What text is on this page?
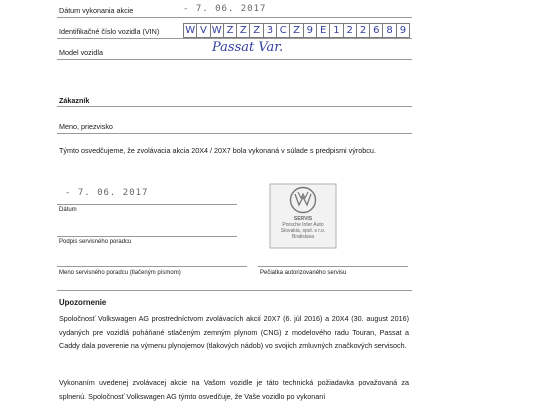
Dátum vykonania akcie	- 7. 06. 2017
Identifikačné číslo vozidla (VIN)	W V W Z Z Z 3 C Z 9 E 1 2 2 6 8 9
Model vozidla	Passat Var.
Zákazník
Meno, priezvisko
Týmto osvedčujeme, že zvolávacia akcia 20X4 / 20X7 bola vykonaná v súlade s predpismi výrobcu.
- 7. 06. 2017
Dátum
Podpis servisného poradcu
Meno servisného poradcu (tlačeným písmom)	Pečiatka autorizovaného servisu
SERVIS
Porsche Inter Auto
Slovakia, spol. s r.o.
Bratislava
Upozornenie
Spoločnosť Volkswagen AG prostredníctvom zvolávacích akcií 20X7 (6. júl 2016) a 20X4 (30. august 2016) vydaných pre vozidlá poháňané stlačeným zemným plynom (CNG) z modelového radu Touran, Passat a Caddy dala poverenie na výmenu plynojemov (tlakových nádob) vo svojich zmluvných značkových servisoch.
Vykonaním uvedenej zvolávacej akcie na Vašom vozidle je táto technická požiadavka považovaná za splnenú. Spoločnosť Volkswagen AG týmto osvedčuje, že Vaše vozidlo po vykonaní
